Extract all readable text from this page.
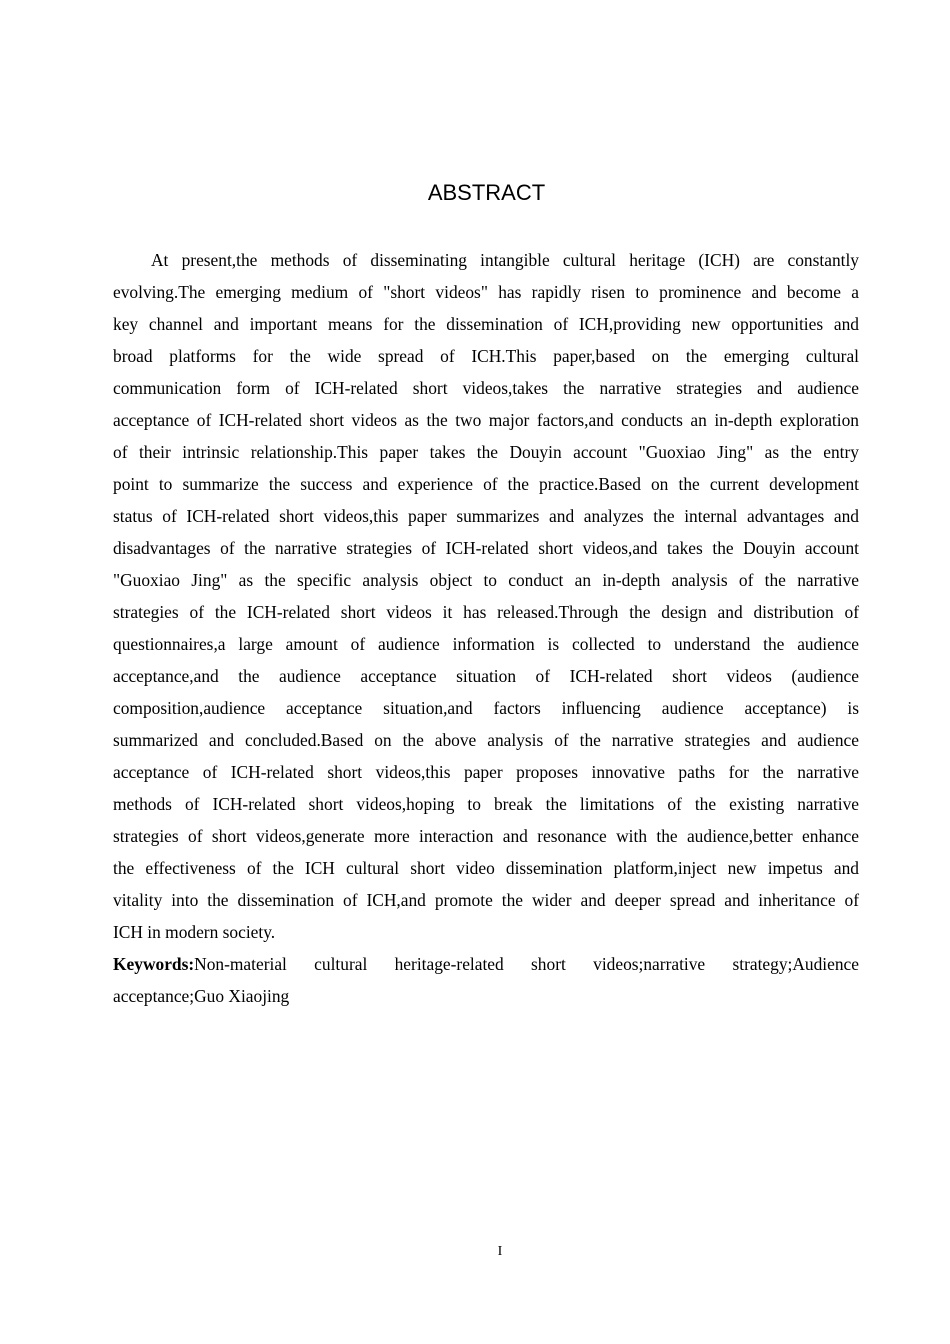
ABSTRACT
At present,the methods of disseminating intangible cultural heritage (ICH) are constantly
evolving.The emerging medium of "short videos" has rapidly risen to prominence and become a
key channel and important means for the dissemination of ICH,providing new opportunities and
broad platforms for the wide spread of ICH.This paper,based on the emerging cultural
communication form of ICH-related short videos,takes the narrative strategies and audience
acceptance of ICH-related short videos as the two major factors,and conducts an in-depth exploration
of their intrinsic relationship.This paper takes the Douyin account "Guoxiao Jing" as the entry
point to summarize the success and experience of the practice.Based on the current development
status of ICH-related short videos,this paper summarizes and analyzes the internal advantages and
disadvantages of the narrative strategies of ICH-related short videos,and takes the Douyin account
"Guoxiao Jing" as the specific analysis object to conduct an in-depth analysis of the narrative
strategies of the ICH-related short videos it has released.Through the design and distribution of
questionnaires,a large amount of audience information is collected to understand the audience
acceptance,and the audience acceptance situation of ICH-related short videos (audience
composition,audience acceptance situation,and factors influencing audience acceptance) is
summarized and concluded.Based on the above analysis of the narrative strategies and audience
acceptance of ICH-related short videos,this paper proposes innovative paths for the narrative
methods of ICH-related short videos,hoping to break the limitations of the existing narrative
strategies of short videos,generate more interaction and resonance with the audience,better enhance
the effectiveness of the ICH cultural short video dissemination platform,inject new impetus and
vitality into the dissemination of ICH,and promote the wider and deeper spread and inheritance of
ICH in modern society.
Keywords:Non-material cultural heritage-related short videos;narrative strategy;Audience
acceptance;Guo Xiaojing
I
